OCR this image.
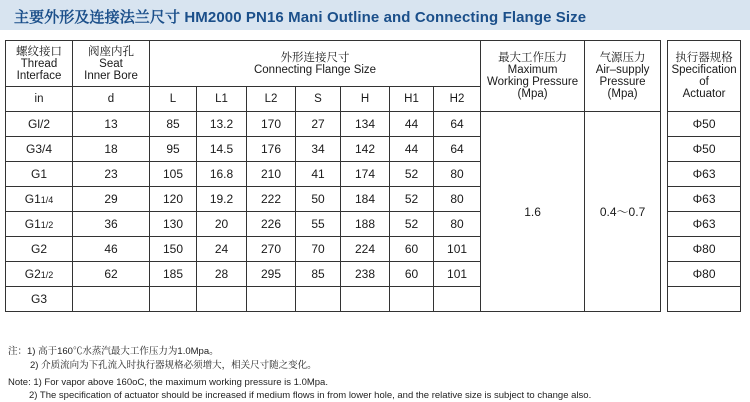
主要外形及连接法兰尺寸 HM2000 PN16 Mani Outline and Connecting Flange Size
螺纹接口
Thread
Interface	阀座内孔
Seat
Inner Bore	外形连接尺寸
Connecting Flange Size							最大工作压力
Maximum
Working Pressure
(Mpa)	气源压力
Air–supply
Pressure
(Mpa)		执行器规格
Specification
of
Actuator

in	d	L	L1	L2	S	H	H1	H2				
Gl/2	13	85	13.2	170	27	134	44	64	1.6	0.4～0.7		Φ50
G3/4	18	95	14.5	176	34	142	44	64				Φ50
G1	23	105	16.8	210	41	174	52	80				Φ63
G11/4	29	120	19.2	222	50	184	52	80				Φ63
G11/2	36	130	20	226	55	188	52	80				Φ63
G2	46	150	24	270	70	224	60	101				Φ80
G21/2	62	185	28	295	85	238	60	101				Φ80
G3												
注：1) 高于160℃水蒸汽最大工作压力为1.0Mpa。
2) 介质流向为下孔流入时执行器规格必须增大，相关尺寸随之变化。
Note: 1) For vapor above 160oC, the maximum working pressure is 1.0Mpa.
2) The specification of actuator should be increased if medium flows in from lower hole, and the relative size is subject to change also.
